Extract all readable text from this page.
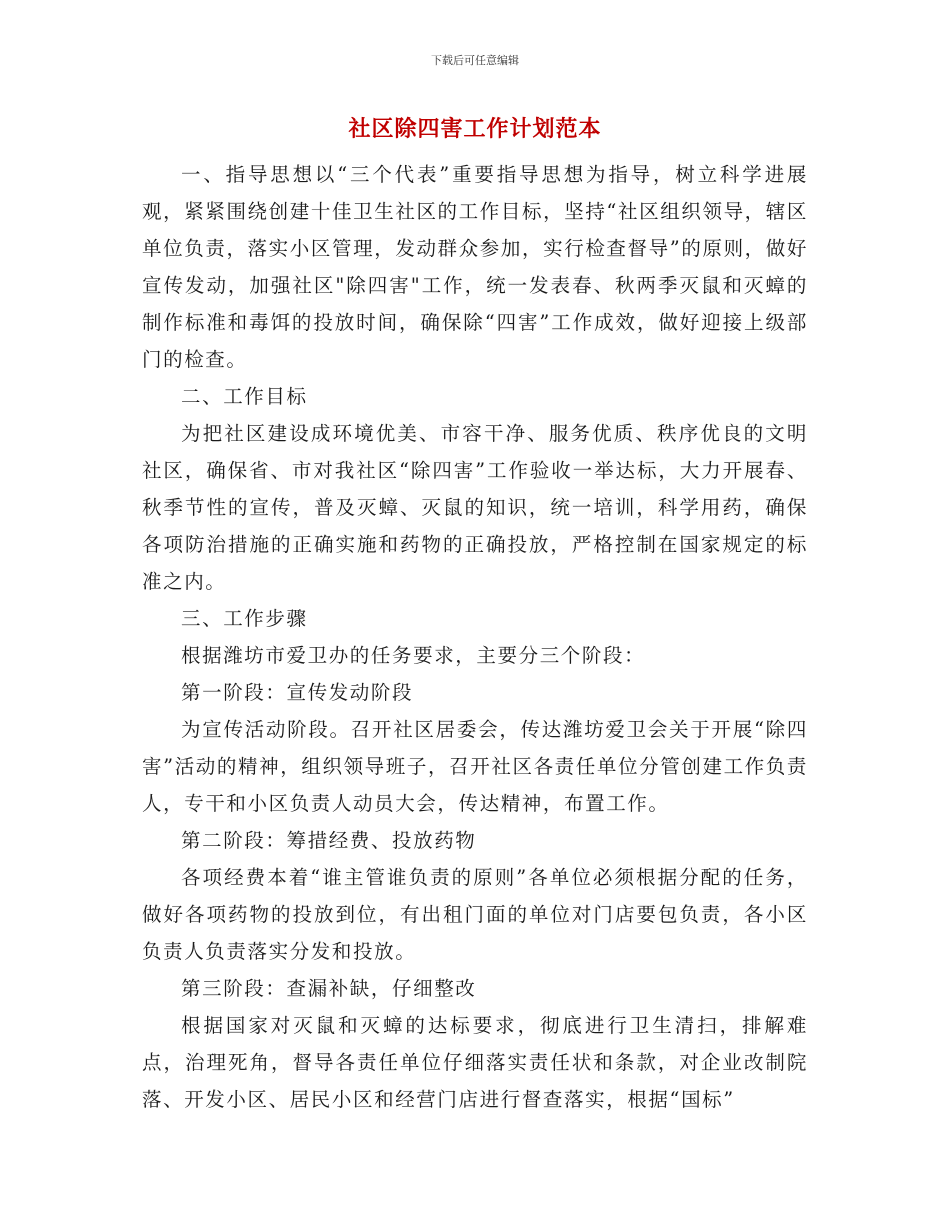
下载后可任意编辑
社区除四害工作计划范本

一、指导思想以“三个代表”重要指导思想为指导，树立科学进展观，紧紧围绕创建十佳卫生社区的工作目标，坚持“社区组织领导，辖区单位负责，落实小区管理，发动群众参加，实行检查督导”的原则，做好宣传发动，加强社区"除四害"工作，统一发表春、秋两季灭鼠和灭蟑的制作标准和毒饵的投放时间，确保除“四害”工作成效，做好迎接上级部门的检查。

二、工作目标

为把社区建设成环境优美、市容干净、服务优质、秩序优良的文明社区，确保省、市对我社区“除四害”工作验收一举达标，大力开展春、秋季节性的宣传，普及灭蟑、灭鼠的知识，统一培训，科学用药，确保各项防治措施的正确实施和药物的正确投放，严格控制在国家规定的标准之内。

三、工作步骤

根据潍坊市爱卫办的任务要求，主要分三个阶段：

第一阶段：宣传发动阶段

为宣传活动阶段。召开社区居委会，传达潍坊爱卫会关于开展“除四害”活动的精神，组织领导班子，召开社区各责任单位分管创建工作负责人，专干和小区负责人动员大会，传达精神，布置工作。

第二阶段：筹措经费、投放药物

各项经费本着“谁主管谁负责的原则”各单位必须根据分配的任务，做好各项药物的投放到位，有出租门面的单位对门店要包负责，各小区负责人负责落实分发和投放。

第三阶段：查漏补缺，仔细整改

根据国家对灭鼠和灭蟑的达标要求，彻底进行卫生清扫，排解难点，治理死角，督导各责任单位仔细落实责任状和条款，对企业改制院落、开发小区、居民小区和经营门店进行督查落实，根据“国标”
